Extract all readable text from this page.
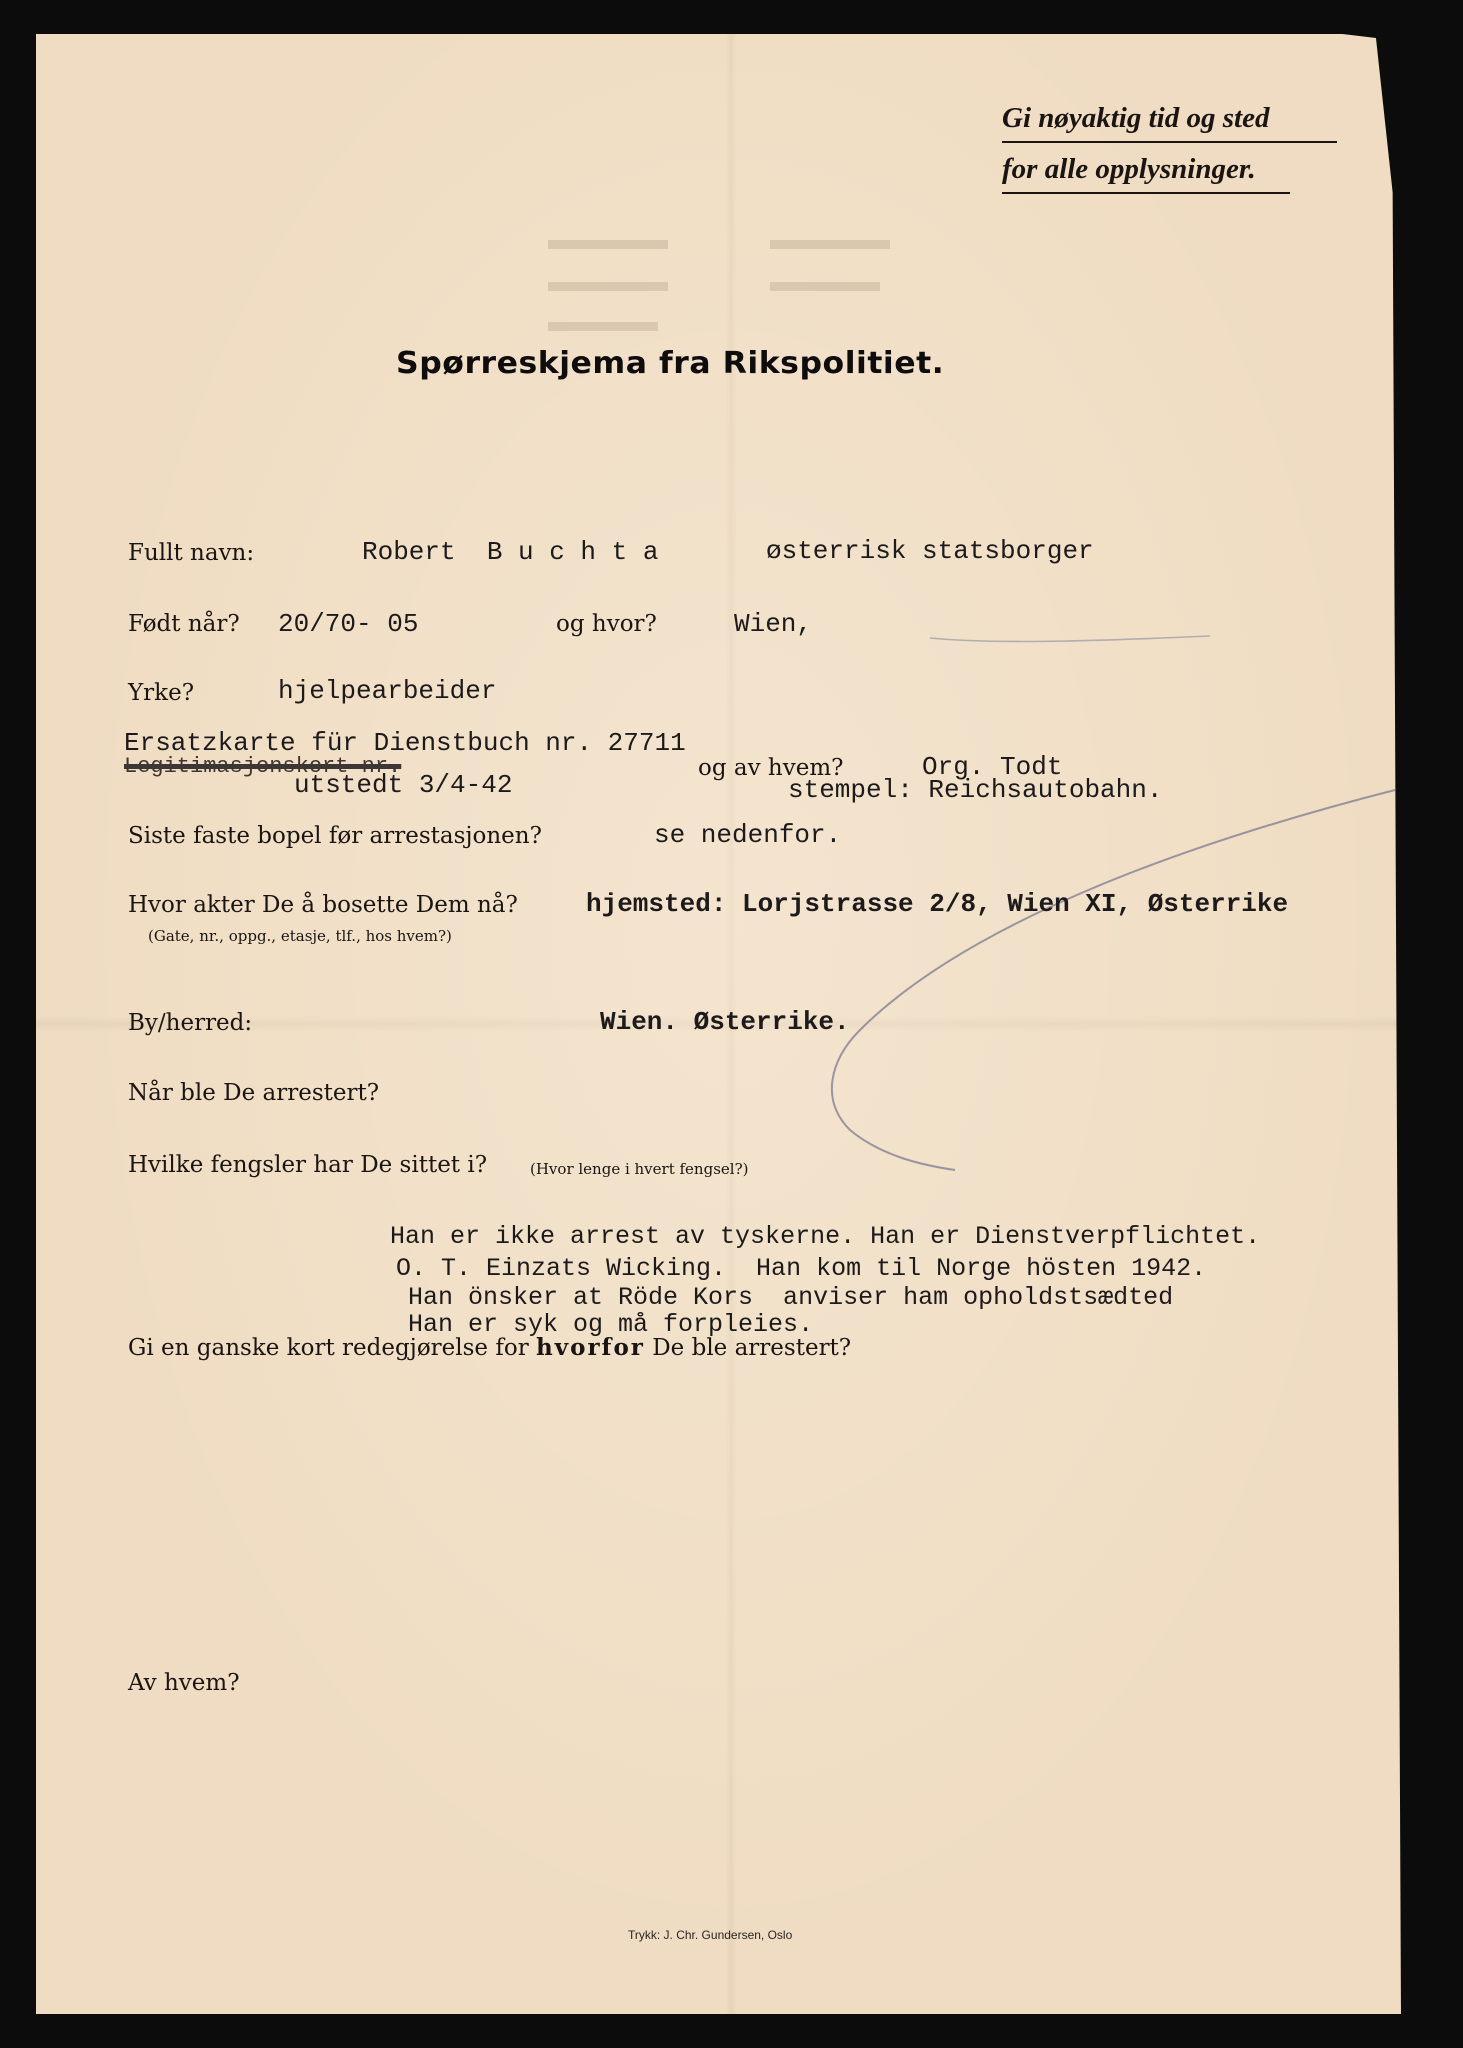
Gi nøyaktig tid og sted
for alle opplysninger.
Spørreskjema fra Rikspolitiet.
Fullt navn:	Robert  B u c h t a	østerrisk statsborger
Født når? 20/70- 05	og hvor?	Wien,
Yrke?	hjelpearbeider
Ersatzkarte für Dienstbuch nr. 27711
Legitimasjonskort nr.
utstedt 3/4-42
og av hvem?	Org. Todt
stempel: Reichsautobahn.
Siste faste bopel før arrestasjonen?	se nedenfor.
Hvor akter De å bosette Dem nå?
(Gate, nr., oppg., etasje, tlf., hos hvem?)
hjemsted: Lorjstrasse 2/8, Wien XI, Østerrike
By/herred:	Wien. Østerrike.
Når ble De arrestert?
Hvilke fengsler har De sittet i?	(Hvor lenge i hvert fengsel?)
Han er ikke arrest av tyskerne. Han er Dienstverpflichtet.
O. T. Einzats Wicking.  Han kom til Norge hösten 1942.
Han önsker at Röde Kors  anviser ham opholdstsædted
Han er syk og må forpleies.
Gi en ganske kort redegjørelse for hvorfor De ble arrestert?
Av hvem?
Trykk: J. Chr. Gundersen, Oslo
